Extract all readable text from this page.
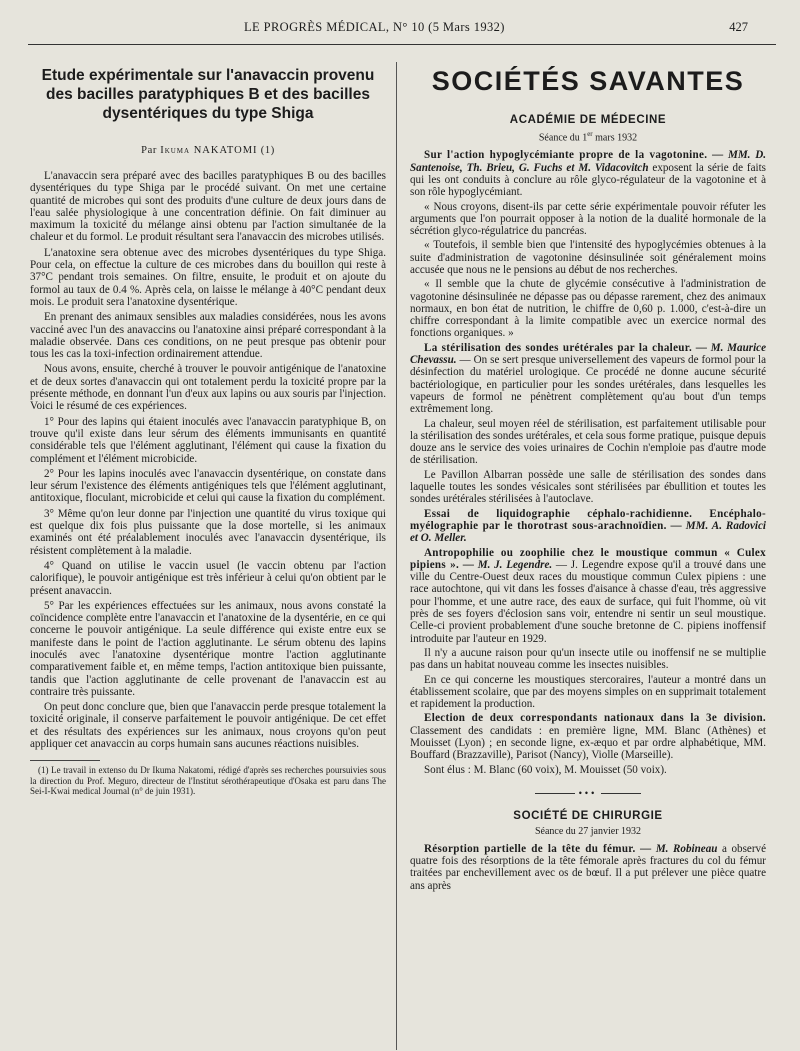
LE PROGRÈS MÉDICAL, N° 10 (5 Mars 1932)	427
Etude expérimentale sur l'anavaccin provenu des bacilles paratyphiques B et des bacilles dysentériques du type Shiga
Par Ikuma NAKATOMI (1)

L'anavaccin sera préparé avec des bacilles paratyphiques B ou des bacilles dysentériques du type Shiga par le procédé suivant. On met une certaine quantité de microbes qui sont des produits d'une culture de deux jours dans de l'eau salée physiologique à une concentration définie. On fait diminuer au maximum la toxicité du mélange ainsi obtenu par l'action simultanée de la chaleur et du formol. Le produit résultant sera l'anavaccin des microbes utilisés.

L'anatoxine sera obtenue avec des microbes dysentériques du type Shiga. Pour cela, on effectue la culture de ces microbes dans du bouillon qui reste à 37°C pendant trois semaines. On filtre, ensuite, le produit et on ajoute du formol au taux de 0.4 %. Après cela, on laisse le mélange à 40°C pendant deux mois. Le produit sera l'anatoxine dysentérique.

En prenant des animaux sensibles aux maladies considérées, nous les avons vacciné avec l'un des anavaccins ou l'anatoxine ainsi préparé correspondant à la maladie observée. Dans ces conditions, on ne peut presque pas obtenir pour tous les cas la toxi-infection ordinairement attendue.

Nous avons, ensuite, cherché à trouver le pouvoir antigénique de l'anatoxine et de deux sortes d'anavaccin qui ont totalement perdu la toxicité propre par la présente méthode, en donnant l'un d'eux aux lapins ou aux souris par l'injection. Voici le résumé de ces expériences.

1° Pour des lapins qui étaient inoculés avec l'anavaccin paratyphique B, on trouve qu'il existe dans leur sérum des éléments immunisants en quantité considérable tels que l'élément agglutinant, l'élément qui cause la fixation du complément et l'élément microbicide.

2° Pour les lapins inoculés avec l'anavaccin dysentérique, on constate dans leur sérum l'existence des éléments antigéniques tels que l'élément agglutinant, antitoxique, floculant, microbicide et celui qui cause la fixation du complément.

3° Même qu'on leur donne par l'injection une quantité du virus toxique qui est quelque dix fois plus puissante que la dose mortelle, si les animaux examinés ont été préalablement inoculés avec l'anavaccin dysentérique, ils résistent complètement à la maladie.

4° Quand on utilise le vaccin usuel (le vaccin obtenu par l'action calorifique), le pouvoir antigénique est très inférieur à celui qu'on obtient par le présent anavaccin.

5° Par les expériences effectuées sur les animaux, nous avons constaté la coïncidence complète entre l'anavaccin et l'anatoxine de la dysentérie, en ce qui concerne le pouvoir antigénique. La seule différence qui existe entre eux se manifeste dans le point de l'action agglutinante. Le sérum obtenu des lapins inoculés avec l'anatoxine dysentérique montre l'action agglutinante comparativement faible et, en même temps, l'action antitoxique bien puissante, tandis que l'action agglutinante de celle provenant de l'anavaccin est au contraire très puissante.

On peut donc conclure que, bien que l'anavaccin perde presque totalement la toxicité originale, il conserve parfaitement le pouvoir antigénique. De cet effet et des résultats des expériences sur les animaux, nous croyons qu'on peut appliquer cet anavaccin au corps humain sans aucunes réactions nuisibles.

(1) Le travail in extenso du Dr Ikuma Nakatomi, rédigé d'après ses recherches poursuivies sous la direction du Prof. Meguro, directeur de l'Institut sérothérapeutique d'Osaka est paru dans The Sei-I-Kwai medical Journal (n° de juin 1931).

SOCIÉTÉS SAVANTES
ACADÉMIE DE MÉDECINE
Séance du 1er mars 1932

Sur l'action hypoglycémiante propre de la vagotonine. — MM. D. Santenoise, Th. Brieu, G. Fuchs et M. Vidacovitch exposent la série de faits qui les ont conduits à conclure au rôle glyco-régulateur de la vagotonine et à son rôle hypoglycémiant.

« Nous croyons, disent-ils par cette série expérimentale pouvoir réfuter les arguments que l'on pourrait opposer à la notion de la dualité hormonale de la sécrétion glyco-régulatrice du pancréas.

« Toutefois, il semble bien que l'intensité des hypoglycémies obtenues à la suite d'administration de vagotonine désinsulinée soit généralement moins accusée que nous ne le pensions au début de nos recherches.

« Il semble que la chute de glycémie consécutive à l'administration de vagotonine désinsulinée ne dépasse pas ou dépasse rarement, chez des animaux normaux, en bon état de nutrition, le chiffre de 0,60 p. 1.000, c'est-à-dire un chiffre correspondant à la limite compatible avec un exercice normal des fonctions organiques. »

La stérilisation des sondes urétérales par la chaleur. — M. Maurice Chevassu. — On se sert presque universellement des vapeurs de formol pour la désinfection du matériel urologique. Ce procédé ne donne aucune sécurité bactériologique, en particulier pour les sondes urétérales, dans lesquelles les vapeurs de formol ne pénètrent complètement qu'au bout d'un temps extrêmement long.

La chaleur, seul moyen réel de stérilisation, est parfaitement utilisable pour la stérilisation des sondes urétérales, et cela sous forme pratique, puisque depuis douze ans le service des voies urinaires de Cochin n'emploie pas d'autre mode de stérilisation.

Le Pavillon Albarran possède une salle de stérilisation des sondes dans laquelle toutes les sondes vésicales sont stérilisées par ébullition et toutes les sondes urétérales stérilisées à l'autoclave.

Essai de liquidographie céphalo-rachidienne. Encéphalo-myélographie par le thorotrast sous-arachnoïdien. — MM. A. Radovici et O. Meller.

Antropophilie ou zoophilie chez le moustique commun « Culex pipiens ». — M. J. Legendre. — J. Legendre expose qu'il a trouvé dans une ville du Centre-Ouest deux races du moustique commun Culex pipiens : une race autochtone, qui vit dans les fosses d'aisance à chasse d'eau, très aggressive pour l'homme, et une autre race, des eaux de surface, qui fuit l'homme, où vit près de ses foyers d'éclosion sans voir, entendre ni sentir un seul moustique. Celle-ci provient probablement d'une souche bretonne de C. pipiens inoffensif introduite par l'auteur en 1929.

Il n'y a aucune raison pour qu'un insecte utile ou inoffensif ne se multiplie pas dans un habitat nouveau comme les insectes nuisibles.

En ce qui concerne les moustiques stercoraires, l'auteur a montré dans un établissement scolaire, que par des moyens simples on en supprimait totalement et rapidement la production.

Election de deux correspondants nationaux dans la 3e division. Classement des candidats : en première ligne, MM. Blanc (Athènes) et Mouisset (Lyon) ; en seconde ligne, ex-æquo et par ordre alphabétique, MM. Bouffard (Brazzaville), Parisot (Nancy), Violle (Marseille).

Sont élus : M. Blanc (60 voix), M. Mouisset (50 voix).

•••
SOCIÉTÉ DE CHIRURGIE
Séance du 27 janvier 1932

Résorption partielle de la tête du fémur. — M. Robineau a observé quatre fois des résorptions de la tête fémorale après fractures du col du fémur traitées par enchevillement avec os de bœuf. Il a put prélever une pièce quatre ans après
